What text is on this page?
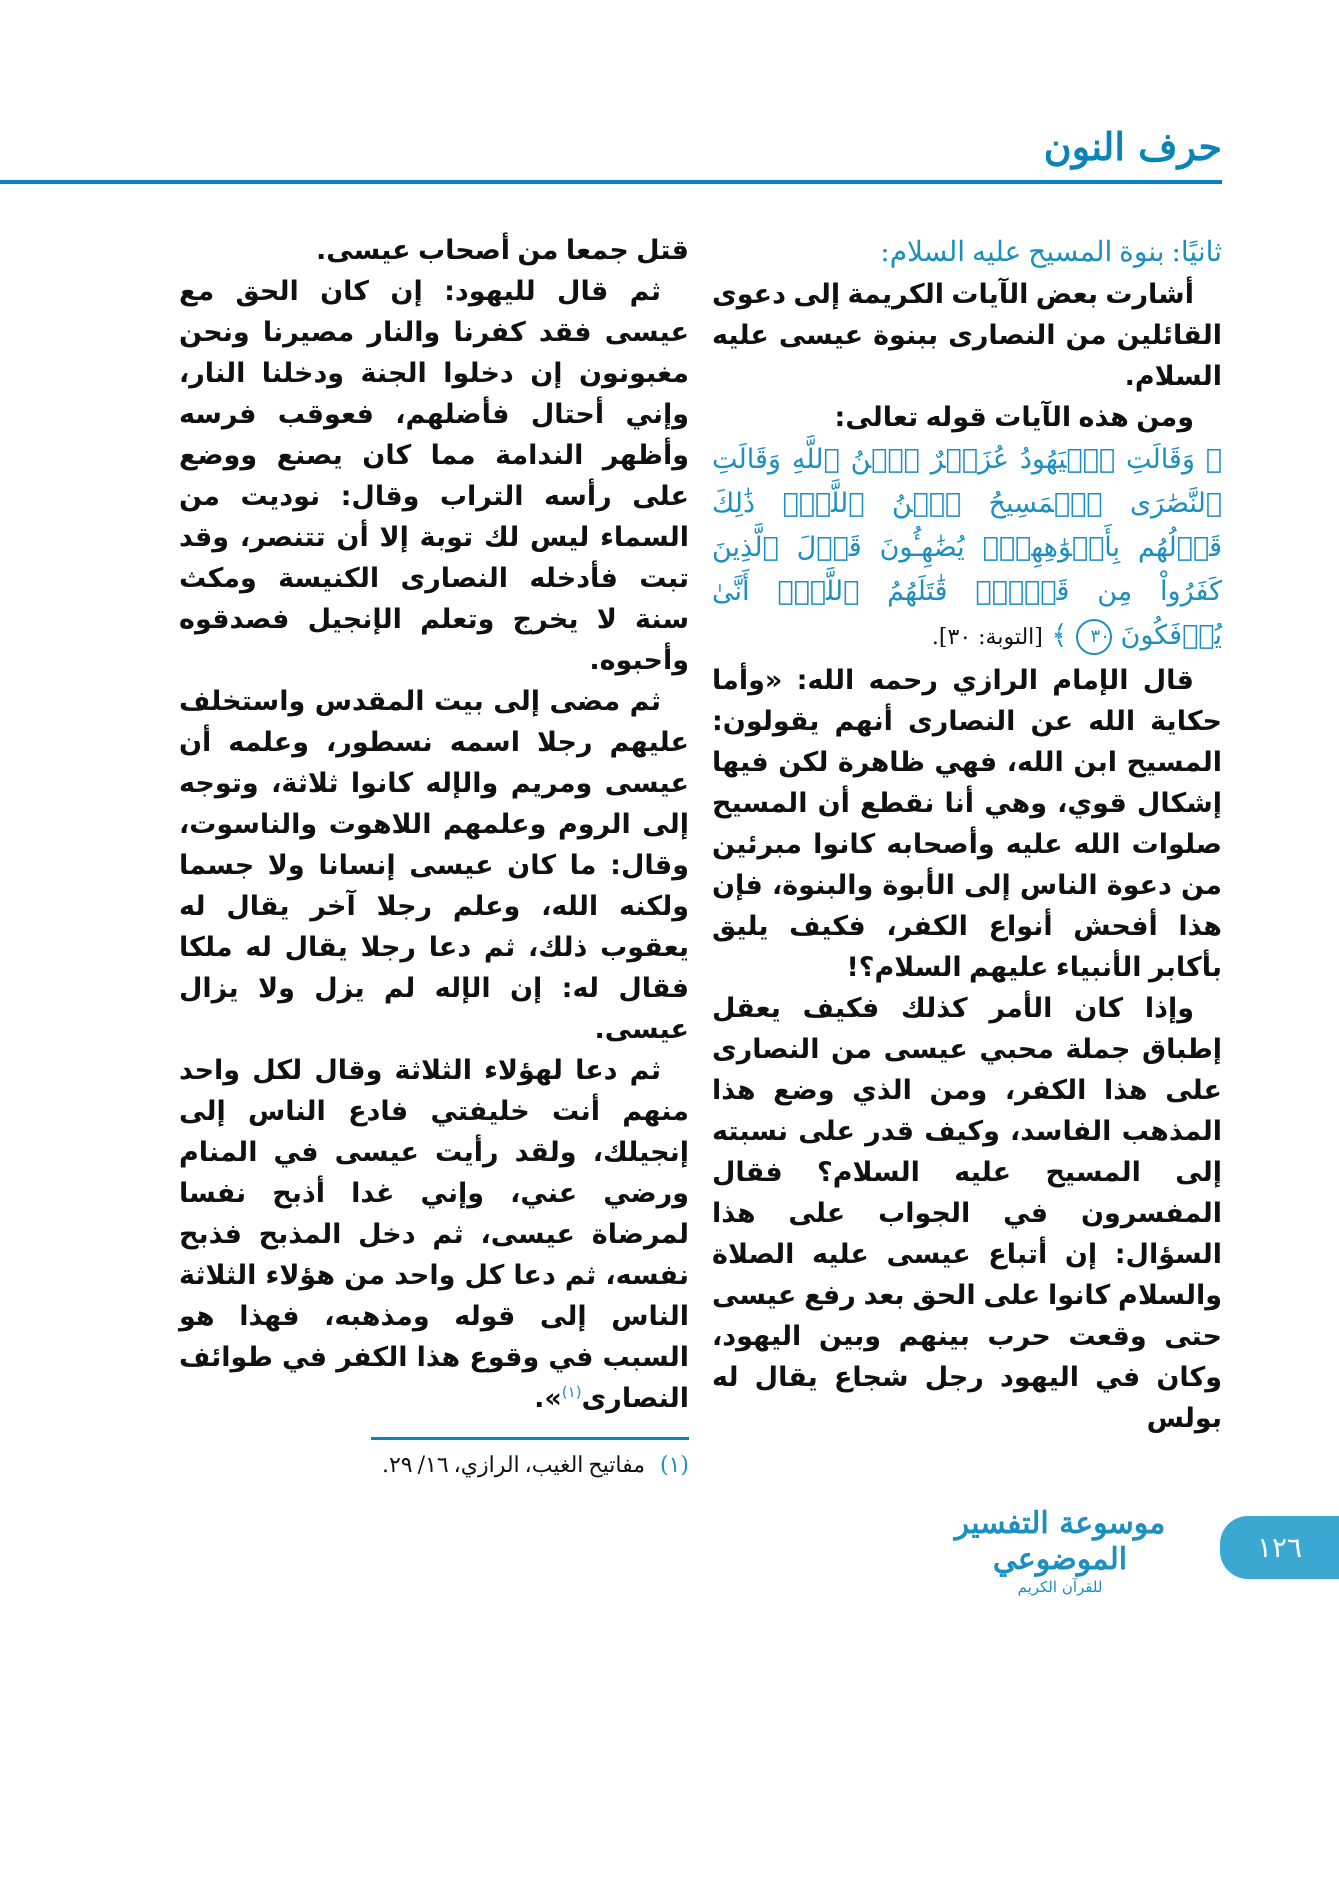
حرف النون

ثانيًا: بنوة المسيح عليه السلام:

أشارت بعض الآيات الكريمة إلى دعوى القائلين من النصارى ببنوة عيسى عليه السلام.

ومن هذه الآيات قوله تعالى:

﴿ وَقَالَتِ ٱلۡيَهُودُ عُزَيۡرٌ ٱبۡنُ ٱللَّهِ وَقَالَتِ ٱلنَّصَٰرَى ٱلۡمَسِيحُ ٱبۡنُ ٱللَّهِۖ ذَٰلِكَ قَوۡلُهُم بِأَفۡوَٰهِهِمۡۖ يُضَٰهِـُٔونَ قَوۡلَ ٱلَّذِينَ كَفَرُواْ مِن قَبۡلُۚ قَٰتَلَهُمُ ٱللَّهُۖ أَنَّىٰ يُؤۡفَكُونَ ٣٠ ﴾ [التوبة: ٣٠].

قال الإمام الرازي رحمه الله: «وأما حكاية الله عن النصارى أنهم يقولون: المسيح ابن الله، فهي ظاهرة لكن فيها إشكال قوي، وهي أنا نقطع أن المسيح صلوات الله عليه وأصحابه كانوا مبرئين من دعوة الناس إلى الأبوة والبنوة، فإن هذا أفحش أنواع الكفر، فكيف يليق بأكابر الأنبياء عليهم السلام؟!

وإذا كان الأمر كذلك فكيف يعقل إطباق جملة محبي عيسى من النصارى على هذا الكفر، ومن الذي وضع هذا المذهب الفاسد، وكيف قدر على نسبته إلى المسيح عليه السلام؟ فقال المفسرون في الجواب على هذا السؤال: إن أتباع عيسى عليه الصلاة والسلام كانوا على الحق بعد رفع عيسى حتى وقعت حرب بينهم وبين اليهود، وكان في اليهود رجل شجاع يقال له بولس

قتل جمعا من أصحاب عيسى.

ثم قال لليهود: إن كان الحق مع عيسى فقد كفرنا والنار مصيرنا ونحن مغبونون إن دخلوا الجنة ودخلنا النار، وإني أحتال فأضلهم، فعوقب فرسه وأظهر الندامة مما كان يصنع ووضع على رأسه التراب وقال: نوديت من السماء ليس لك توبة إلا أن تتنصر، وقد تبت فأدخله النصارى الكنيسة ومكث سنة لا يخرج وتعلم الإنجيل فصدقوه وأحبوه.

ثم مضى إلى بيت المقدس واستخلف عليهم رجلا اسمه نسطور، وعلمه أن عيسى ومريم والإله كانوا ثلاثة، وتوجه إلى الروم وعلمهم اللاهوت والناسوت، وقال: ما كان عيسى إنسانا ولا جسما ولكنه الله، وعلم رجلا آخر يقال له يعقوب ذلك، ثم دعا رجلا يقال له ملكا فقال له: إن الإله لم يزل ولا يزال عيسى.

ثم دعا لهؤلاء الثلاثة وقال لكل واحد منهم أنت خليفتي فادع الناس إلى إنجيلك، ولقد رأيت عيسى في المنام ورضي عني، وإني غدا أذبح نفسا لمرضاة عيسى، ثم دخل المذبح فذبح نفسه، ثم دعا كل واحد من هؤلاء الثلاثة الناس إلى قوله ومذهبه، فهذا هو السبب في وقوع هذا الكفر في طوائف النصارى$^{(١)}$».

(١) مفاتيح الغيب، الرازي، ١٦/ ٢٩.
موسوعة التفسير الموضوعي
للقرآن الكريم
١٢٦
